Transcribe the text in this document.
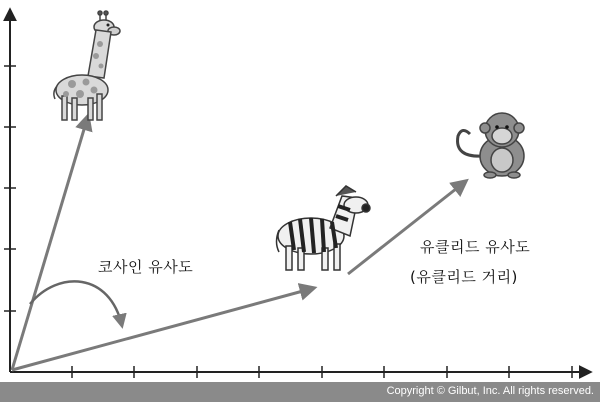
코사인 유사도
유클리드 유사도
(유클리드 거리)
Copyright © Gilbut, Inc. All rights reserved.
